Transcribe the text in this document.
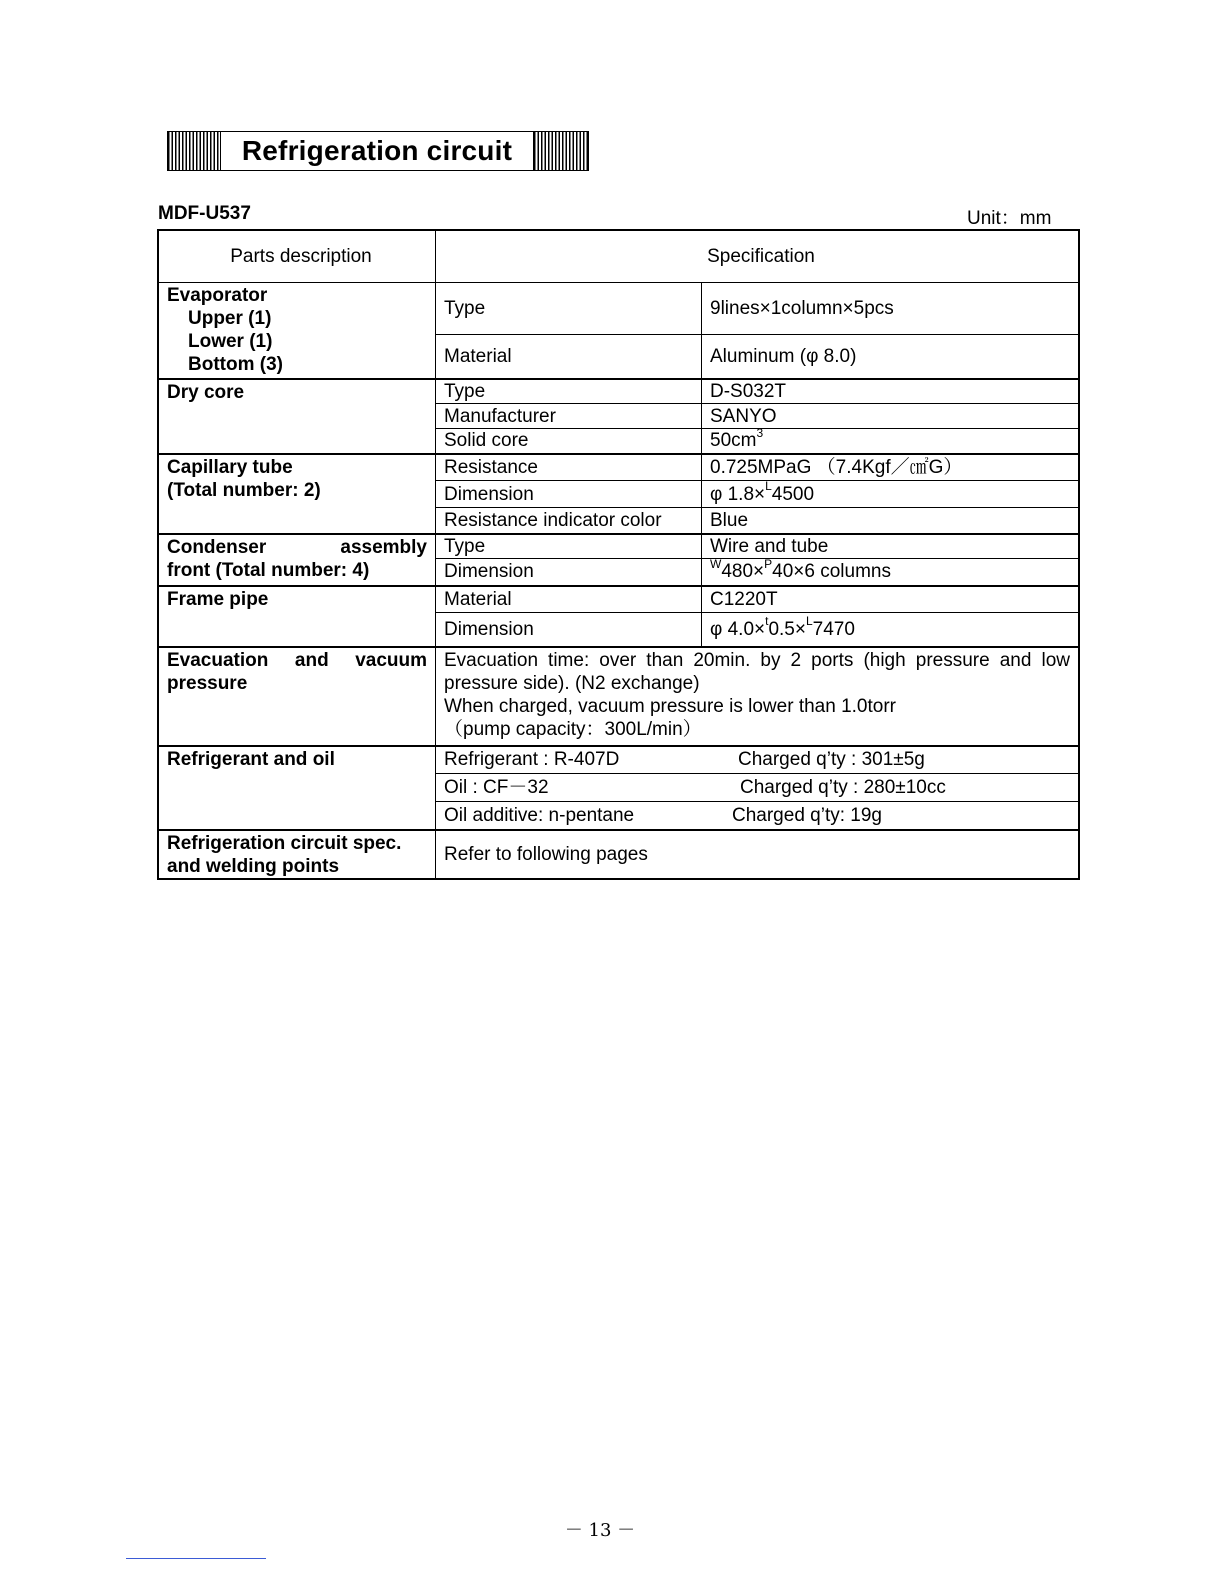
Refrigeration circuit
MDF-U537	Unit：mm
Parts description	Specification	
Evaporator
Upper (1)
Lower (1)
Bottom (3)	Type	9lines×1column×5pcs
	Material	Aluminum (φ 8.0)
Dry core	Type	D-S032T
	Manufacturer	SANYO
	Solid core	$50cm^3$
Capillary tube
(Total number: 2)	Resistance	0.725MPaG （7.4Kgf／㎠G）
	Dimension	φ 1.8×$^L$4500
	Resistance indicator color	Blue

Condenser assembly
front (Total number: 4)	Type	Wire and tube
	Dimension	$^W$480×$^P$40×6 columns
Frame pipe	Material	C1220T
	Dimension	φ 4.0×$^t$0.5×$^L$7470

Evacuation and vacuum
pressure	Evacuation time: over than 20min. by 2 ports (high pressure and low pressure side). (N2 exchange)
When charged, vacuum pressure is lower than 1.0torr
（pump capacity：300L/min）	
Refrigerant and oil	Refrigerant : R-407D Charged q’ty : 301±5g	

	Oil : CF－32 Charged q’ty : 280±10cc	

	Oil additive: n-pentane Charged q’ty: 19g	

Refrigeration circuit spec.
and welding points	Refer to following pages	
－ 13 －
